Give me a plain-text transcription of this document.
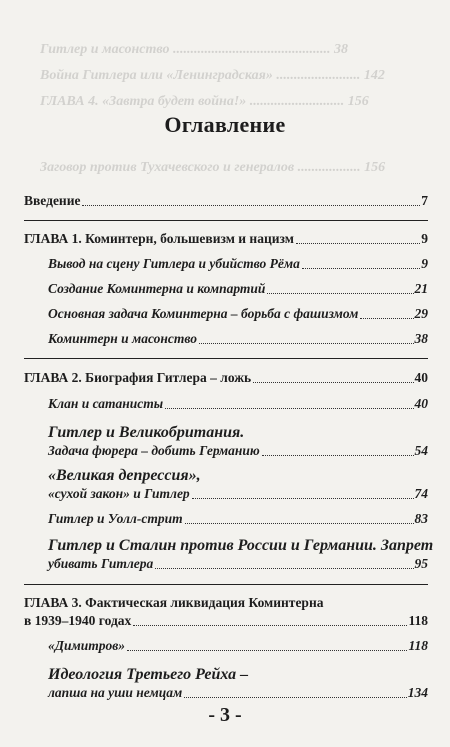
Гитлер и масонство ............................................. 38
Война Гитлера или «Ленинградская» ........................ 142
ГЛАВА 4. «Завтра будет война!» ........................... 156
Заговор против Тухачевского и генералов .................. 156
Оглавление
Введение	7
ГЛАВА 1. Коминтерн, большевизм и нацизм	9
Вывод на сцену Гитлера и убийство Рёма	9
Создание Коминтерна и компартий	21
Основная задача Коминтерна – борьба с фашизмом	29
Коминтерн и масонство	38
ГЛАВА 2. Биография Гитлера – ложь	40
Клан и сатанисты	40
Гитлер и Великобритания.
Задача фюрера – добить Германию	54
«Великая депрессия»,
«сухой закон» и Гитлер	74
Гитлер и Уолл-стрит	83
Гитлер и Сталин против России и Германии. Запрет
убивать Гитлера	95
ГЛАВА 3. Фактическая ликвидация Коминтерна
в 1939–1940 годах	118
«Димитров»	118
Идеология Третьего Рейха –
лапша на уши немцам	134
- 3 -
